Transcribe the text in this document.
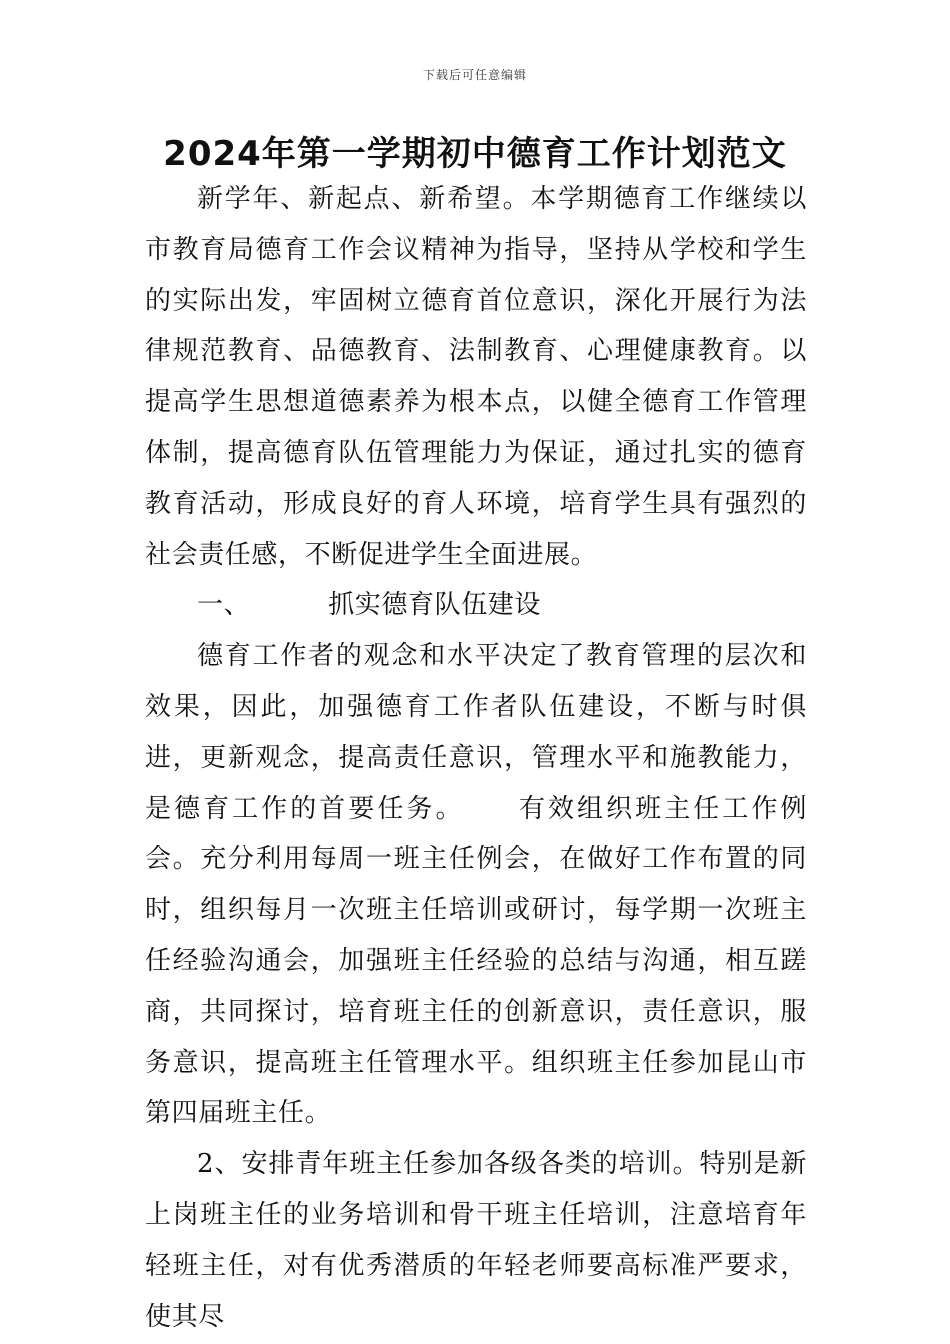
下载后可任意编辑
2024年第一学期初中德育工作计划范文

新学年、新起点、新希望。本学期德育工作继续以市教育局德育工作会议精神为指导，坚持从学校和学生的实际出发，牢固树立德育首位意识，深化开展行为法律规范教育、品德教育、法制教育、心理健康教育。以提高学生思想道德素养为根本点，以健全德育工作管理体制，提高德育队伍管理能力为保证，通过扎实的德育教育活动，形成良好的育人环境，培育学生具有强烈的社会责任感，不断促进学生全面进展。

一、	抓实德育队伍建设

德育工作者的观念和水平决定了教育管理的层次和效果，因此，加强德育工作者队伍建设，不断与时俱进，更新观念，提高责任意识，管理水平和施教能力，是德育工作的首要任务。 有效组织班主任工作例会。充分利用每周一班主任例会，在做好工作布置的同时，组织每月一次班主任培训或研讨，每学期一次班主任经验沟通会，加强班主任经验的总结与沟通，相互蹉商，共同探讨，培育班主任的创新意识，责任意识，服务意识，提高班主任管理水平。组织班主任参加昆山市第四届班主任。

2、安排青年班主任参加各级各类的培训。特别是新上岗班主任的业务培训和骨干班主任培训，注意培育年轻班主任，对有优秀潜质的年轻老师要高标准严要求，使其尽
